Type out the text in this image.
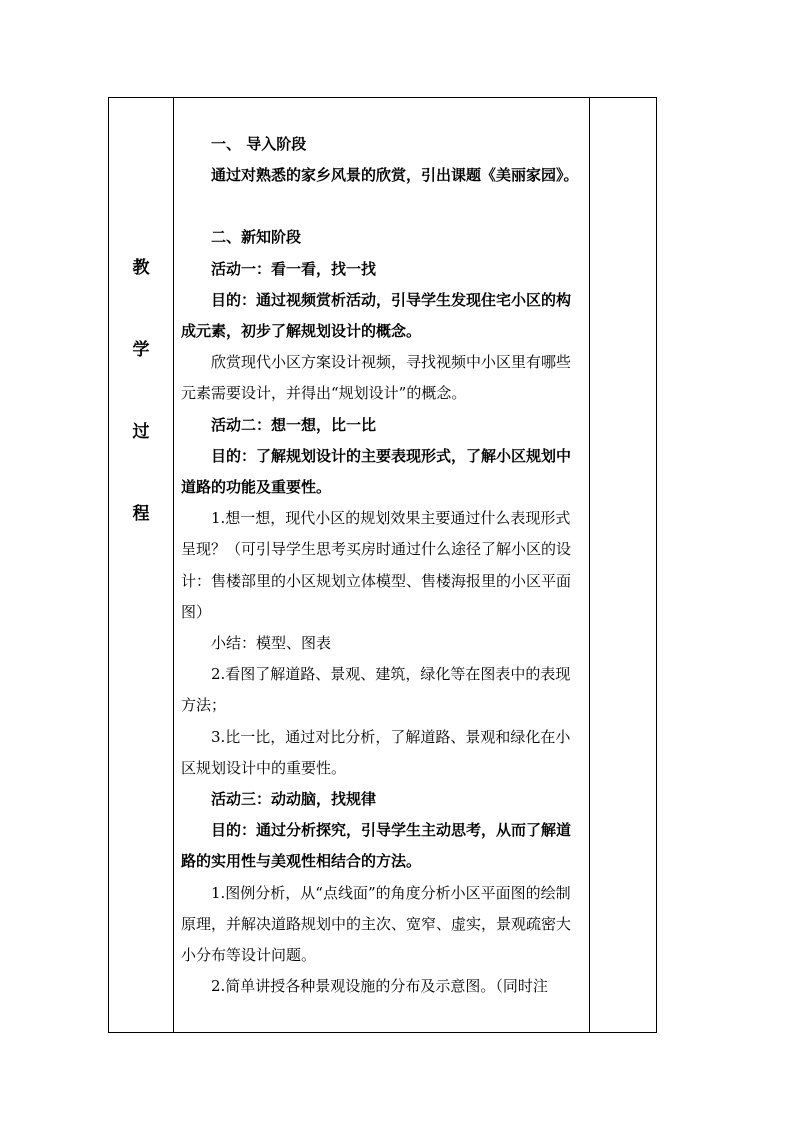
教
学
过
程

一、 导入阶段

通过对熟悉的家乡风景的欣赏，引出课题《美丽家园》。

二、新知阶段

活动一：看一看，找一找

目的：通过视频赏析活动，引导学生发现住宅小区的构成元素，初步了解规划设计的概念。

欣赏现代小区方案设计视频，寻找视频中小区里有哪些元素需要设计，并得出“规划设计”的概念。

活动二：想一想，比一比

目的：了解规划设计的主要表现形式，了解小区规划中道路的功能及重要性。

1.想一想，现代小区的规划效果主要通过什么表现形式呈现？（可引导学生思考买房时通过什么途径了解小区的设计：售楼部里的小区规划立体模型、售楼海报里的小区平面图）

小结：模型、图表

2.看图了解道路、景观、建筑，绿化等在图表中的表现方法；

3.比一比，通过对比分析，了解道路、景观和绿化在小区规划设计中的重要性。

活动三：动动脑，找规律

目的：通过分析探究，引导学生主动思考，从而了解道路的实用性与美观性相结合的方法。

1.图例分析，从“点线面”的角度分析小区平面图的绘制原理，并解决道路规划中的主次、宽窄、虚实，景观疏密大小分布等设计问题。

2.简单讲授各种景观设施的分布及示意图。（同时注
